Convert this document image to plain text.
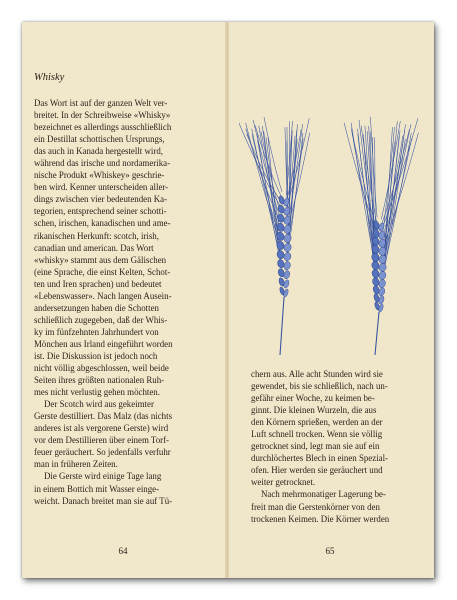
Whisky

Das Wort ist auf der ganzen Welt ver-
breitet. In der Schreibweise «Whisky»
bezeichnet es allerdings ausschließlich
ein Destillat schottischen Ursprungs,
das auch in Kanada hergestellt wird,
während das irische und nordamerika-
nische Produkt «Whiskey» geschrie-
ben wird. Kenner unterscheiden aller-
dings zwischen vier bedeutenden Ka-
tegorien, entsprechend seiner schotti-
schen, irischen, kanadischen und ame-
rikanischen Herkunft: scotch, irish,
canadian und american. Das Wort
«whisky» stammt aus dem Gälischen
(eine Sprache, die einst Kelten, Schot-
ten und Iren sprachen) und bedeutet
«Lebenswasser». Nach langen Ausein-
andersetzungen haben die Schotten
schließlich zugegeben, daß der Whis-
ky im fünfzehnten Jahrhundert von
Mönchen aus Irland eingeführt worden
ist. Die Diskussion ist jedoch noch
nicht völlig abgeschlossen, weil beide
Seiten ihres größten nationalen Ruh-
mes nicht verlustig gehen möchten.

Der Scotch wird aus gekeimter
Gerste destilliert. Das Malz (das nichts
anderes ist als vergorene Gerste) wird
vor dem Destillieren über einem Torf-
feuer geräuchert. So jedenfalls verfuhr
man in früheren Zeiten.

Die Gerste wird einige Tage lang
in einem Bottich mit Wasser einge-
weicht. Danach breitet man sie auf Tü-

64

chern aus. Alle acht Stunden wird sie
gewendet, bis sie schließlich, nach un-
gefähr einer Woche, zu keimen be-
ginnt. Die kleinen Wurzeln, die aus
den Körnern sprießen, werden an der
Luft schnell trocken. Wenn sie völlig
getrocknet sind, legt man sie auf ein
durchlöchertes Blech in einen Spezial-
ofen. Hier werden sie geräuchert und
weiter getrocknet.

Nach mehrmonatiger Lagerung be-
freit man die Gerstenkörner von den
trockenen Keimen. Die Körner werden

65
